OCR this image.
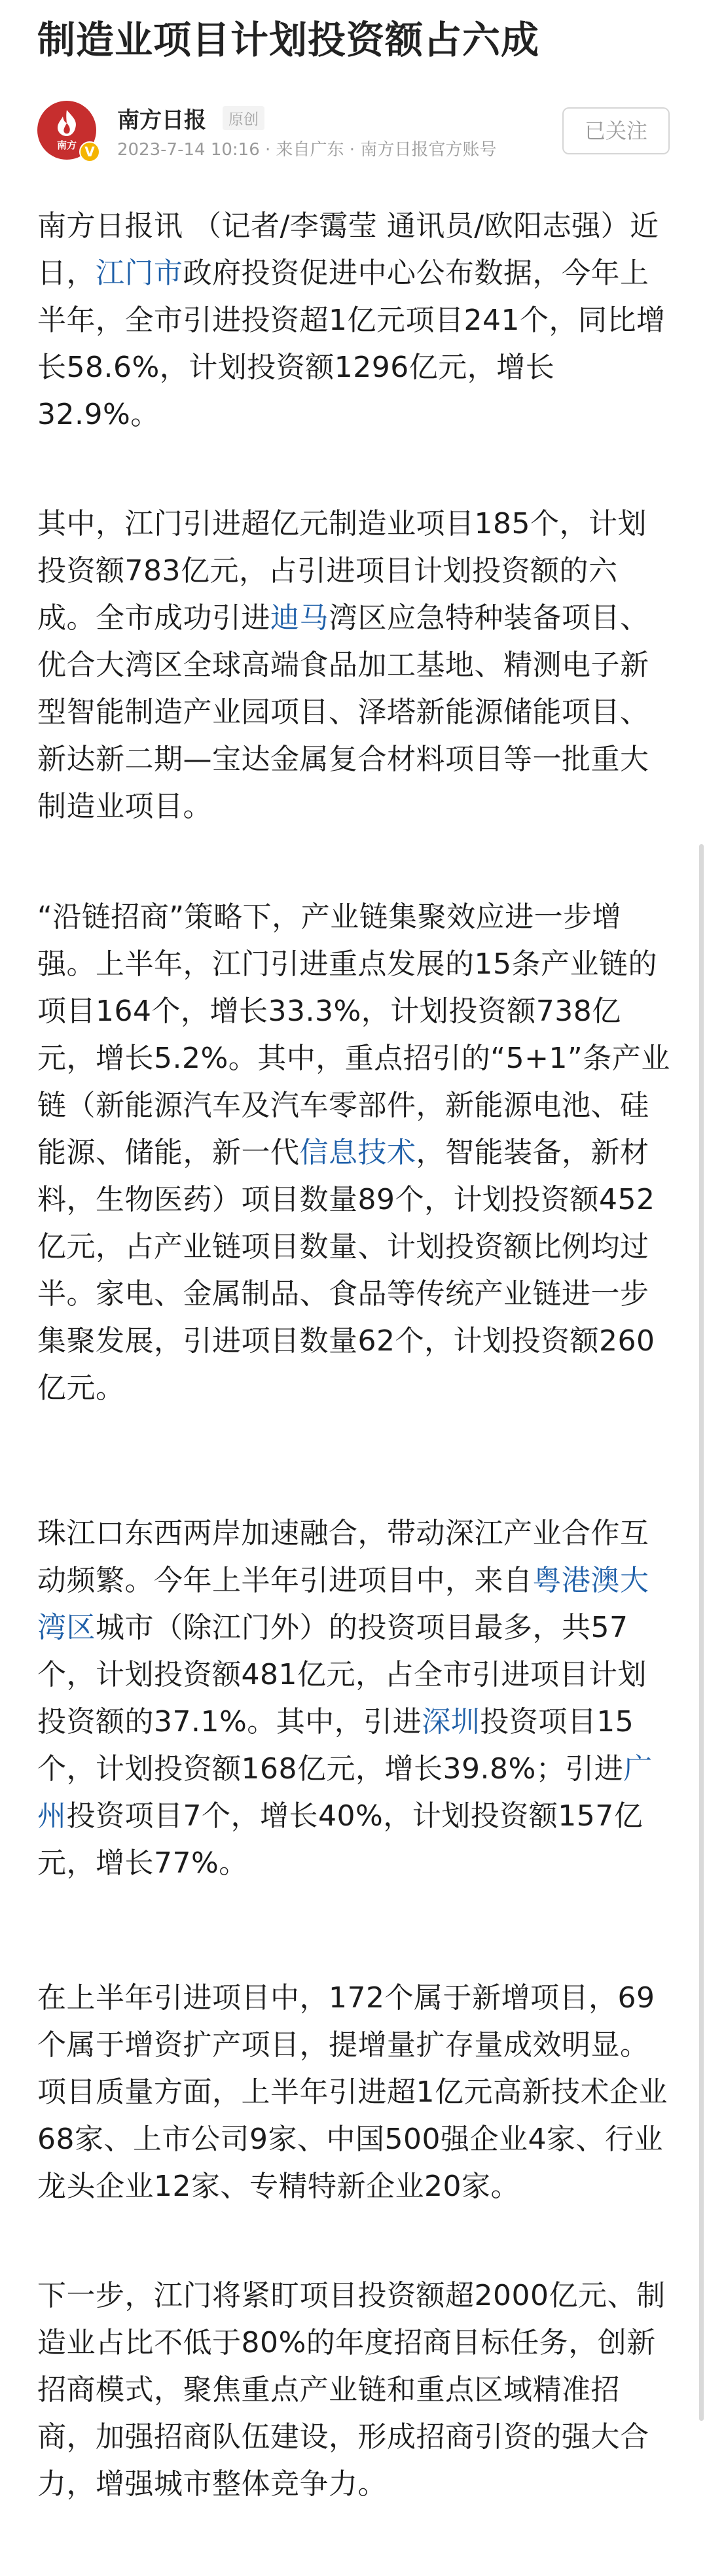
制造业项目计划投资额占六成
南方 V
南方日报	原创
2023-7-14 10:16 · 来自广东 · 南方日报官方账号
已关注

南方日报讯 （记者/李霭莹 通讯员/欧阳志强）近日，江门市政府投资促进中心公布数据，今年上半年，全市引进投资超1亿元项目241个，同比增长58.6%，计划投资额1296亿元，增长32.9%。

其中，江门引进超亿元制造业项目185个，计划投资额783亿元，占引进项目计划投资额的六成。全市成功引进迪马湾区应急特种装备项目、优合大湾区全球高端食品加工基地、精测电子新型智能制造产业园项目、泽塔新能源储能项目、新达新二期—宝达金属复合材料项目等一批重大制造业项目。

“沿链招商”策略下，产业链集聚效应进一步增强。上半年，江门引进重点发展的15条产业链的项目164个，增长33.3%，计划投资额738亿元，增长5.2%。其中，重点招引的“5+1”条产业链（新能源汽车及汽车零部件，新能源电池、硅能源、储能，新一代信息技术，智能装备，新材料，生物医药）项目数量89个，计划投资额452亿元，占产业链项目数量、计划投资额比例均过半。家电、金属制品、食品等传统产业链进一步集聚发展，引进项目数量62个，计划投资额260亿元。

珠江口东西两岸加速融合，带动深江产业合作互动频繁。今年上半年引进项目中，来自粤港澳大湾区城市（除江门外）的投资项目最多，共57个，计划投资额481亿元，占全市引进项目计划投资额的37.1%。其中，引进深圳投资项目15个，计划投资额168亿元，增长39.8%；引进广州投资项目7个，增长40%，计划投资额157亿元，增长77%。

在上半年引进项目中，172个属于新增项目，69个属于增资扩产项目，提增量扩存量成效明显。项目质量方面，上半年引进超1亿元高新技术企业68家、上市公司9家、中国500强企业4家、行业龙头企业12家、专精特新企业20家。

下一步，江门将紧盯项目投资额超2000亿元、制造业占比不低于80%的年度招商目标任务，创新招商模式，聚焦重点产业链和重点区域精准招商，加强招商队伍建设，形成招商引资的强大合力，增强城市整体竞争力。
